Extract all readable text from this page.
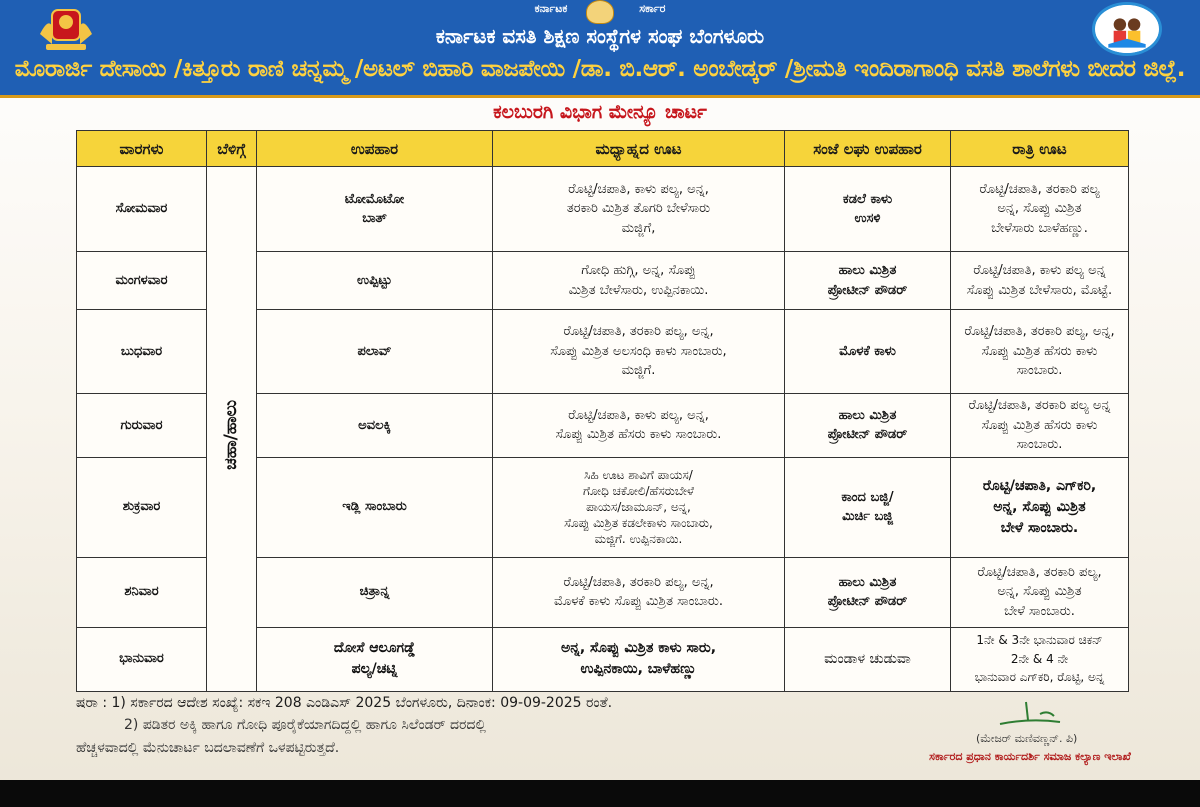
ಕರ್ನಾಟಕ	ಸರ್ಕಾರ
ಕರ್ನಾಟಕ ವಸತಿ ಶಿಕ್ಷಣ ಸಂಸ್ಥೆಗಳ ಸಂಘ ಬೆಂಗಳೂರು
ಮೊರಾರ್ಜಿ ದೇಸಾಯಿ /ಕಿತ್ತೂರು ರಾಣಿ ಚನ್ನಮ್ಮ /ಅಟಲ್ ಬಿಹಾರಿ ವಾಜಪೇಯಿ /ಡಾ. ಬಿ.ಆರ್. ಅಂಬೇಡ್ಕರ್ /ಶ್ರೀಮತಿ ಇಂದಿರಾಗಾಂಧಿ ವಸತಿ ಶಾಲೆಗಳು ಬೀದರ ಜಿಲ್ಲೆ.
ಕಲಬುರಗಿ ವಿಭಾಗ ಮೇನ್ಯೂ ಚಾರ್ಟ
ವಾರಗಳು	ಬೆಳಿಗ್ಗೆ	ಉಪಹಾರ	ಮಧ್ಯಾಹ್ನದ ಊಟ	ಸಂಜೆ ಲಘು ಉಪಹಾರ	ರಾತ್ರಿ ಊಟ
ಸೋಮವಾರ	ಚಹಾ/ಹಾಲು	ಟೋಮೊಟೋ
ಬಾತ್	ರೊಟ್ಟಿ/ಚಪಾತಿ, ಕಾಳು ಪಲ್ಯ, ಅನ್ನ,
ತರಕಾರಿ ಮಿಶ್ರಿತ ತೊಗರಿ ಬೇಳೆಸಾರು
ಮಜ್ಜಿಗೆ,	ಕಡಲೆ ಕಾಳು
ಉಸಳಿ	ರೊಟ್ಟಿ/ಚಪಾತಿ, ತರಕಾರಿ ಪಲ್ಯ
ಅನ್ನ, ಸೊಪ್ಪು ಮಿಶ್ರಿತ
ಬೇಳೆಸಾರು ಬಾಳೆಹಣ್ಣು.
ಮಂಗಳವಾರ		ಉಪ್ಪಿಟ್ಟು	ಗೋಧಿ ಹುಗ್ಗಿ, ಅನ್ನ, ಸೊಪ್ಪು
ಮಿಶ್ರಿತ ಬೇಳೆಸಾರು, ಉಪ್ಪಿನಕಾಯಿ.	ಹಾಲು ಮಿಶ್ರಿತ
ಪ್ರೋಟೀನ್ ಪೌಡರ್	ರೊಟ್ಟಿ/ಚಪಾತಿ, ಕಾಳು ಪಲ್ಯ ಅನ್ನ
ಸೊಪ್ಪು ಮಿಶ್ರಿತ ಬೇಳೆಸಾರು, ಮೊಟ್ಟೆ.
ಬುಧವಾರ		ಪಲಾವ್	ರೊಟ್ಟಿ/ಚಪಾತಿ, ತರಕಾರಿ ಪಲ್ಯ, ಅನ್ನ,
ಸೊಪ್ಪು ಮಿಶ್ರಿತ ಅಲಸಂಧಿ ಕಾಳು ಸಾಂಬಾರು,
ಮಜ್ಜಿಗೆ.	ಮೊಳಕೆ ಕಾಳು	ರೊಟ್ಟಿ/ಚಪಾತಿ, ತರಕಾರಿ ಪಲ್ಯ, ಅನ್ನ,
ಸೊಪ್ಪು ಮಿಶ್ರಿತ ಹೆಸರು ಕಾಳು
ಸಾಂಬಾರು.
ಗುರುವಾರ		ಅವಲಕ್ಕಿ	ರೊಟ್ಟಿ/ಚಪಾತಿ, ಕಾಳು ಪಲ್ಯ, ಅನ್ನ,
ಸೊಪ್ಪು ಮಿಶ್ರಿತ ಹೆಸರು ಕಾಳು ಸಾಂಬಾರು.	ಹಾಲು ಮಿಶ್ರಿತ
ಪ್ರೋಟೀನ್ ಪೌಡರ್	ರೊಟ್ಟಿ/ಚಪಾತಿ, ತರಕಾರಿ ಪಲ್ಯ ಅನ್ನ
ಸೊಪ್ಪು ಮಿಶ್ರಿತ ಹೆಸರು ಕಾಳು ಸಾಂಬಾರು.
ಶುಕ್ರವಾರ		ಇಡ್ಲಿ ಸಾಂಬಾರು	ಸಿಹಿ ಊಟ ಶಾವಿಗೆ ಪಾಯಸ/
ಗೋಧಿ ಚಕೋಲಿ/ಹೆಸರುಬೇಳೆ
ಪಾಯಸ/ಜಾಮೂನ್, ಅನ್ನ,
ಸೊಪ್ಪು ಮಿಶ್ರಿತ ಕಡಲೇಕಾಳು ಸಾಂಬಾರು,
ಮಜ್ಜಿಗೆ. ಉಪ್ಪಿನಕಾಯಿ.	ಕಾಂದ ಬಜ್ಜಿ/
ಮಿರ್ಚಿ ಬಜ್ಜಿ	ರೊಟ್ಟಿ/ಚಪಾತಿ, ಎಗ್‌ಕರಿ,
ಅನ್ನ, ಸೊಪ್ಪು ಮಿಶ್ರಿತ
ಬೇಳೆ ಸಾಂಬಾರು.
ಶನಿವಾರ		ಚಿತ್ರಾನ್ನ	ರೊಟ್ಟಿ/ಚಪಾತಿ, ತರಕಾರಿ ಪಲ್ಯ, ಅನ್ನ,
ಮೊಳಕೆ ಕಾಳು ಸೊಪ್ಪು ಮಿಶ್ರಿತ ಸಾಂಬಾರು.	ಹಾಲು ಮಿಶ್ರಿತ
ಪ್ರೋಟೀನ್ ಪೌಡರ್	ರೊಟ್ಟಿ/ಚಪಾತಿ, ತರಕಾರಿ ಪಲ್ಯ,
ಅನ್ನ, ಸೊಪ್ಪು ಮಿಶ್ರಿತ
ಬೇಳೆ ಸಾಂಬಾರು.
ಭಾನುವಾರ		ದೋಸೆ ಆಲೂಗಡ್ಡೆ
ಪಲ್ಯ/ಚಟ್ನಿ	ಅನ್ನ, ಸೊಪ್ಪು ಮಿಶ್ರಿತ ಕಾಳು ಸಾರು,
ಉಪ್ಪಿನಕಾಯಿ, ಬಾಳೆಹಣ್ಣು	ಮಂಡಾಳ ಚುಡುವಾ	1ನೇ & 3ನೇ ಭಾನುವಾರ ಚಿಕನ್
2ನೇ & 4 ನೇ
ಭಾನುವಾರ ಎಗ್‌ಕರಿ, ರೊಟ್ಟಿ, ಅನ್ನ
ಷರಾ : 1) ಸರ್ಕಾರದ ಆದೇಶ ಸಂಖ್ಯೆ: ಸಕಇ 208 ಎಂಡಿಎಸ್ 2025 ಬೆಂಗಳೂರು, ದಿನಾಂಕ: 09-09-2025 ರಂತೆ.
2) ಪಡಿತರ ಅಕ್ಕಿ ಹಾಗೂ ಗೋಧಿ ಪೂರೈಕೆಯಾಗದಿದ್ದಲ್ಲಿ ಹಾಗೂ ಸಿಲೆಂಡರ್ ದರದಲ್ಲಿ
ಹೆಚ್ಚಳವಾದಲ್ಲಿ ಮೆನುಚಾರ್ಟ ಬದಲಾವಣೆಗೆ ಒಳಪಟ್ಟಿರುತ್ತದೆ.
(ಮೇಜರ್ ಮಣಿವಣ್ಣನ್. ಪಿ)
ಸರ್ಕಾರದ ಪ್ರಧಾನ ಕಾರ್ಯದರ್ಶಿ ಸಮಾಜ ಕಲ್ಯಾಣ ಇಲಾಖೆ
